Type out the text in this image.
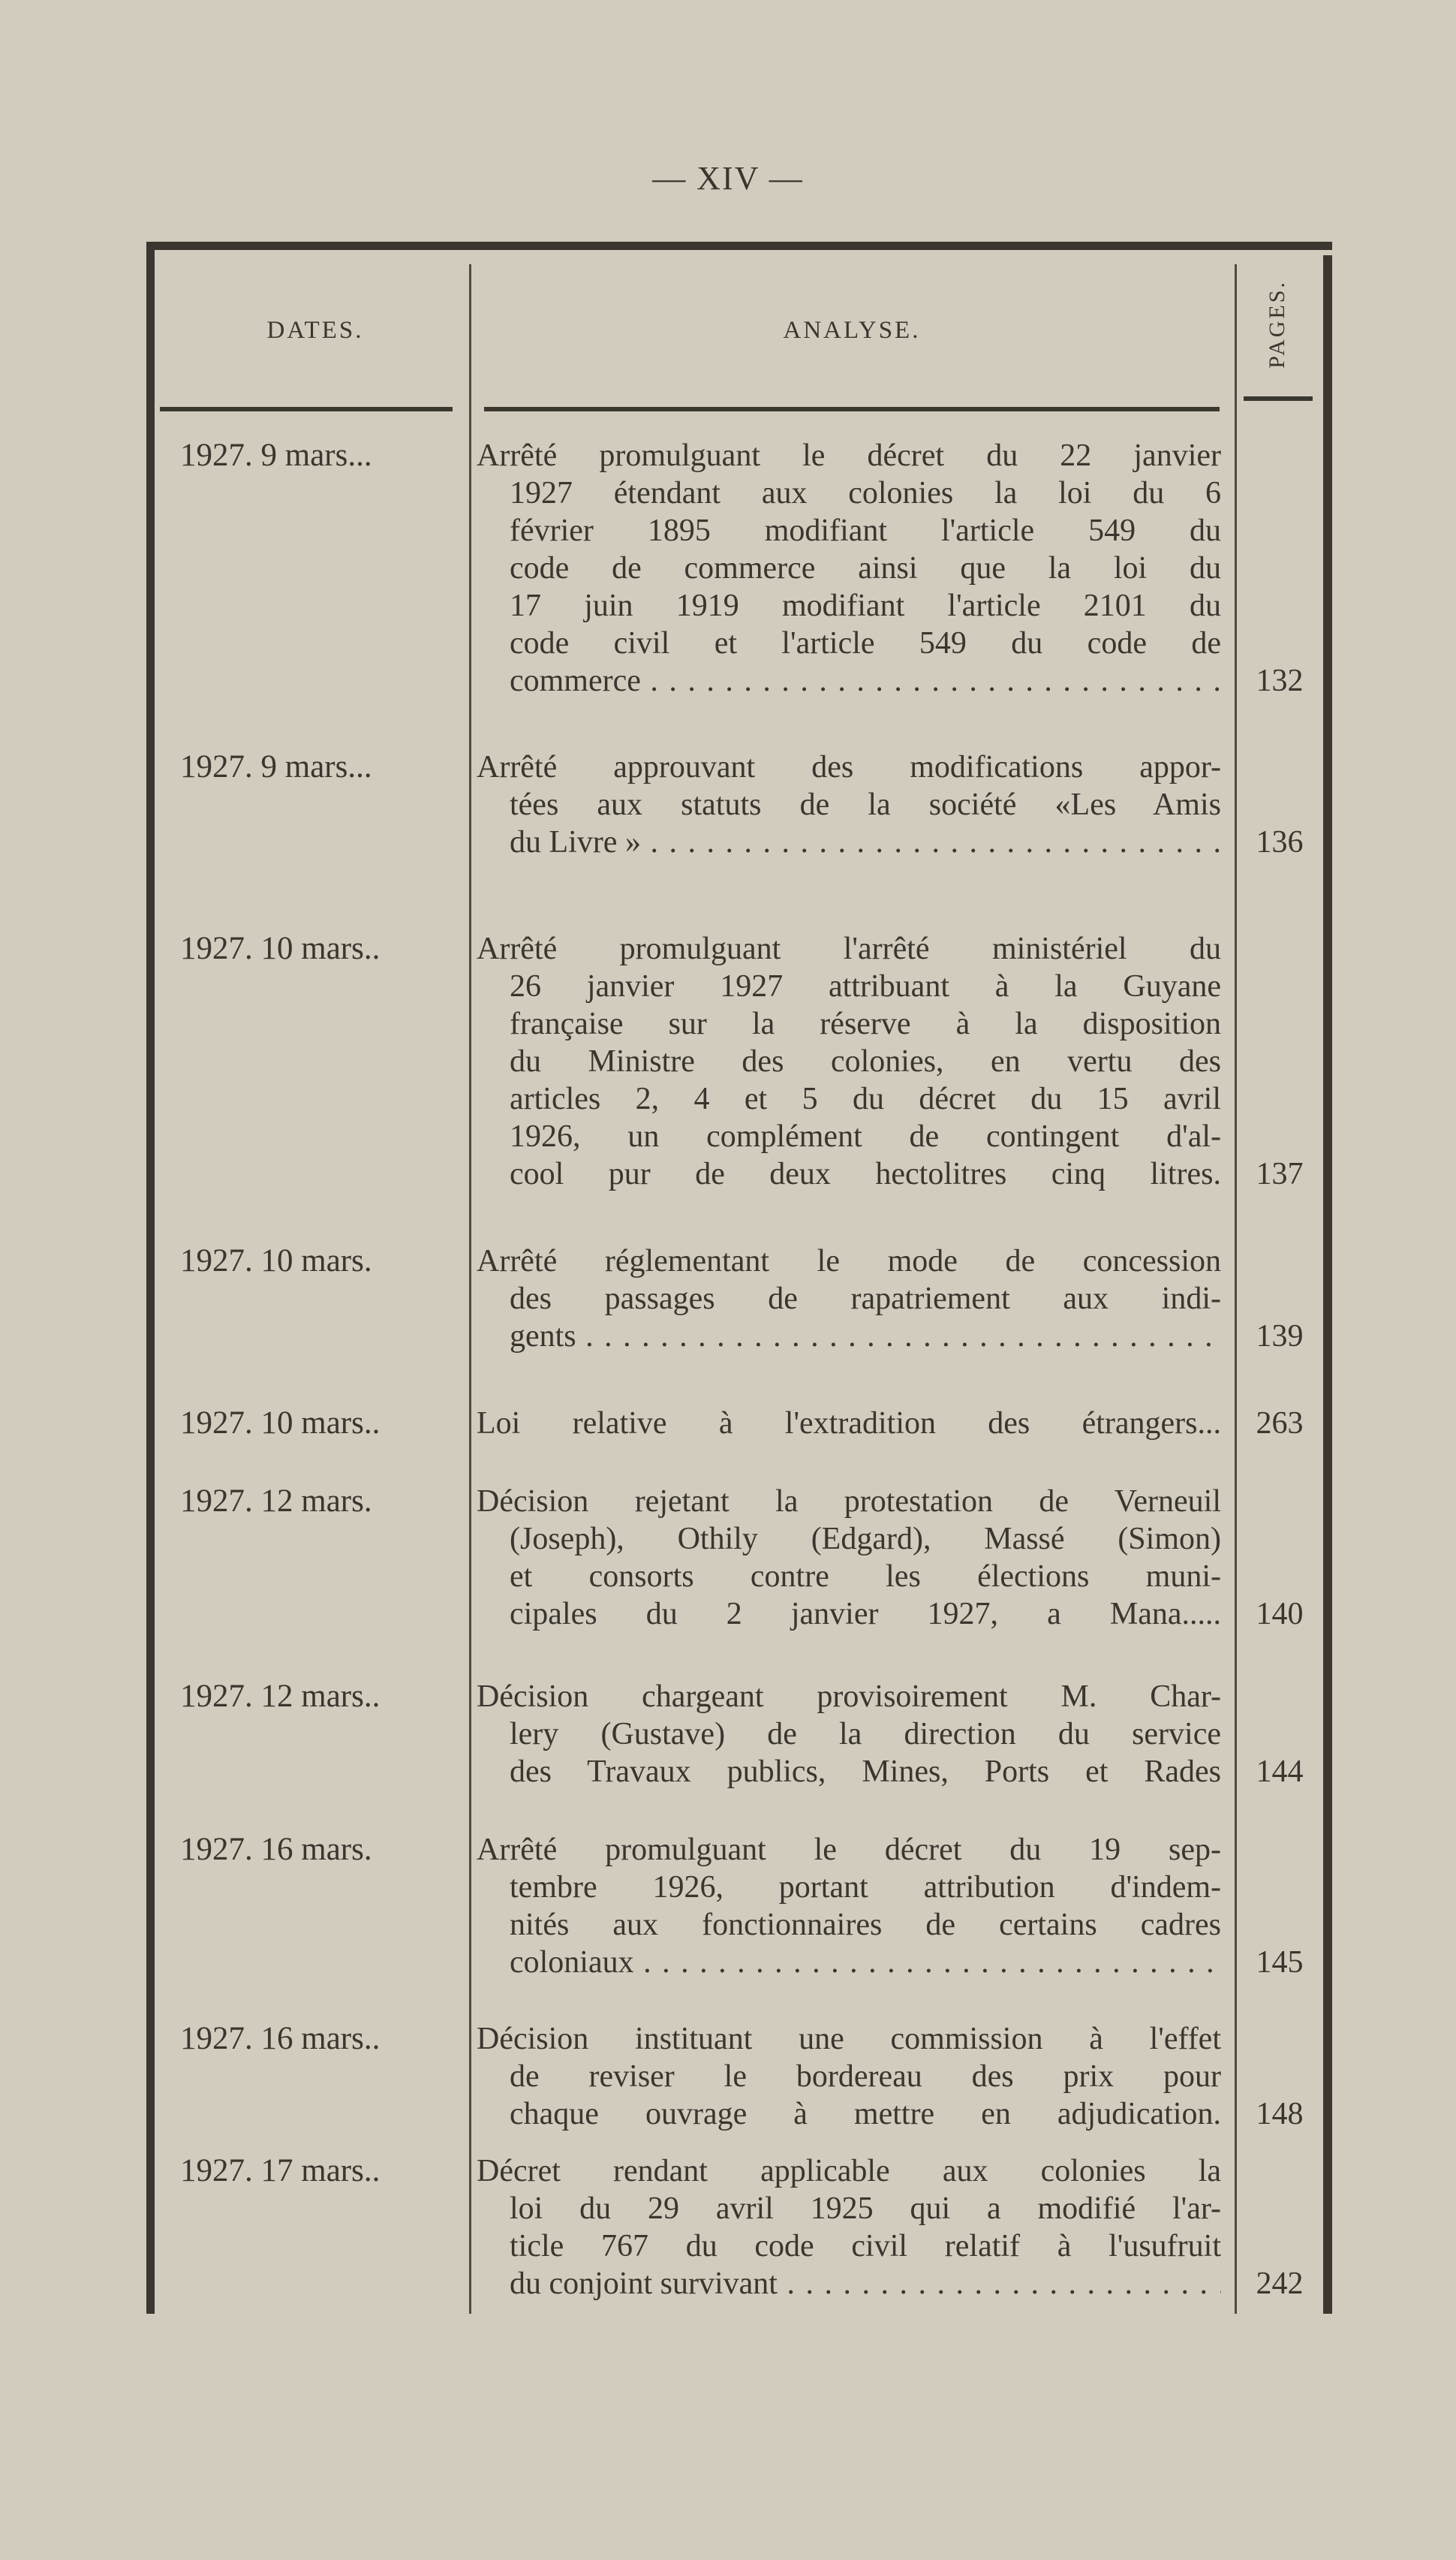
— XIV —
DATES.	ANALYSE.	PAGES.
1927. 9 mars...	Arrêté promulguant le décret du 22 janvier
1927 étendant aux colonies la loi du 6
février 1895 modifiant l'article 549 du
code de commerce ainsi que la loi du
17 juin 1919 modifiant l'article 2101 du
code civil et l'article 549 du code de
commerce . . .	132
1927. 9 mars...	Arrêté approuvant des modifications appor-
tées aux statuts de la société «Les Amis
du Livre » . . .	136
1927. 10 mars..	Arrêté promulguant l'arrêté ministériel du
26 janvier 1927 attribuant à la Guyane
française sur la réserve à la disposition
du Ministre des colonies, en vertu des
articles 2, 4 et 5 du décret du 15 avril
1926, un complément de contingent d'al-
cool pur de deux hectolitres cinq litres.	137
1927. 10 mars.	Arrêté réglementant le mode de concession
des passages de rapatriement aux indi-
gents . . .	139
1927. 10 mars..	Loi relative à l'extradition des étrangers...	263
1927. 12 mars.	Décision rejetant la protestation de Verneuil
(Joseph), Othily (Edgard), Massé (Simon)
et consorts contre les élections muni-
cipales du 2 janvier 1927, a Mana.....	140
1927. 12 mars..	Décision chargeant provisoirement M. Char-
lery (Gustave) de la direction du service
des Travaux publics, Mines, Ports et Rades	144
1927. 16 mars.	Arrêté promulguant le décret du 19 sep-
tembre 1926, portant attribution d'indem-
nités aux fonctionnaires de certains cadres
coloniaux . . .	145
1927. 16 mars..	Décision instituant une commission à l'effet
de reviser le bordereau des prix pour
chaque ouvrage à mettre en adjudication.	148
1927. 17 mars..	Décret rendant applicable aux colonies la
loi du 29 avril 1925 qui a modifié l'ar-
ticle 767 du code civil relatif à l'usufruit
du conjoint survivant . . .	242
